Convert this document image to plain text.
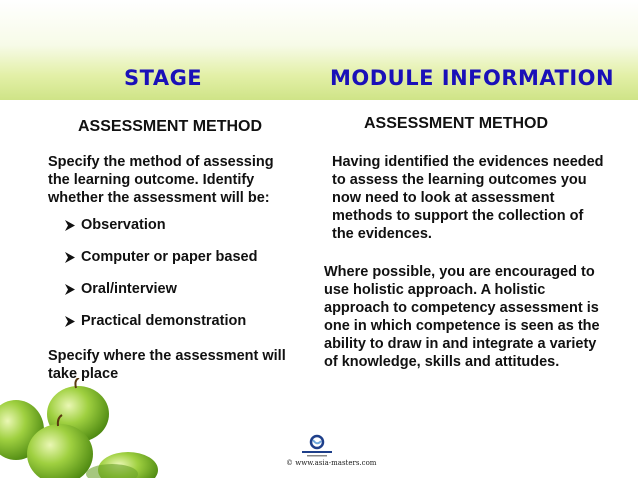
STAGE	MODULE INFORMATION
ASSESSMENT METHOD

Specify the method of assessing the learning outcome. Identify whether the assessment will be:

Observation
Computer or paper based
Oral/interview
Practical demonstration

Specify where the assessment will take place

ASSESSMENT METHOD

Having identified the evidences needed to assess the learning outcomes you now need to look at assessment methods to support the collection of the evidences.

Where possible, you are encouraged to use holistic approach. A holistic approach to competency assessment is one in which competence is seen as the ability to draw in and integrate a variety of knowledge, skills and attitudes.

© www.asia-masters.com
